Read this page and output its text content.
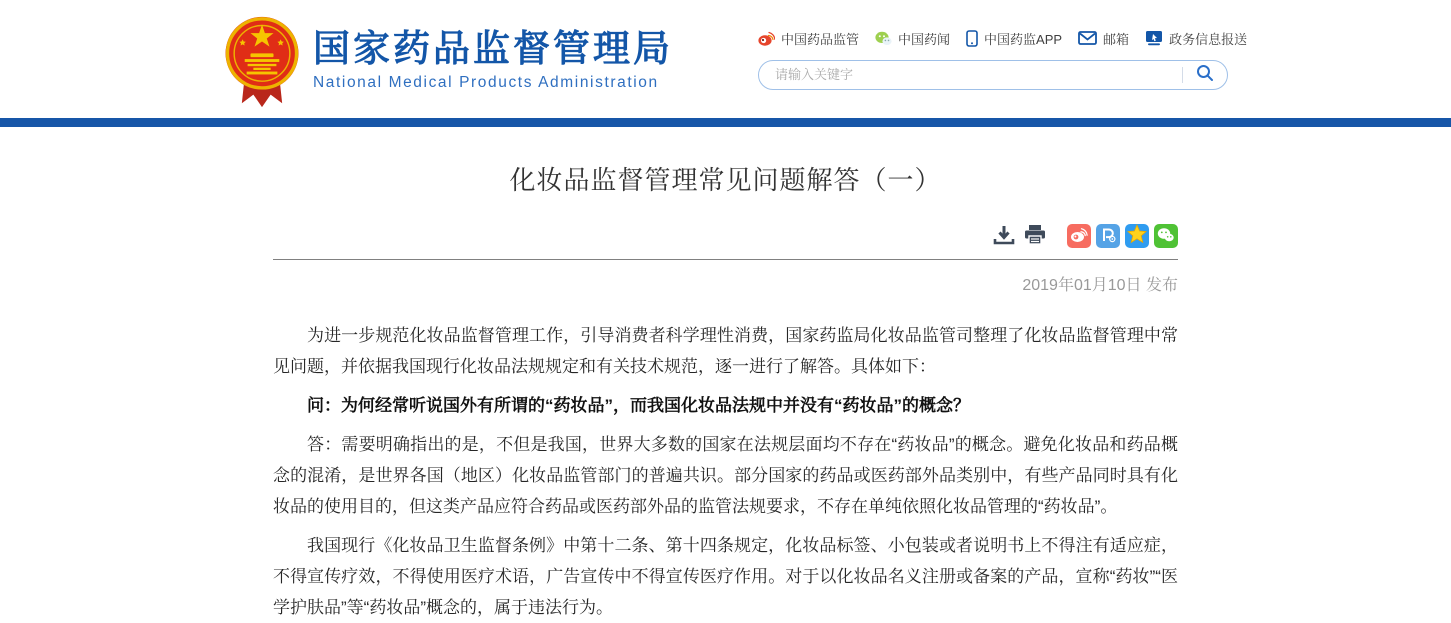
国家药品监督管理局
National Medical Products Administration
中国药品监管	中国药闻	中国药监APP	邮箱	政务信息报送
请输入关键字
化妆品监督管理常见问题解答（一）
2019年01月10日 发布

为进一步规范化妆品监督管理工作，引导消费者科学理性消费，国家药监局化妆品监管司整理了化妆品监督管理中常见问题，并依据我国现行化妆品法规规定和有关技术规范，逐一进行了解答。具体如下：

问：为何经常听说国外有所谓的“药妆品”，而我国化妆品法规中并没有“药妆品”的概念？

答：需要明确指出的是，不但是我国，世界大多数的国家在法规层面均不存在“药妆品”的概念。避免化妆品和药品概念的混淆，是世界各国（地区）化妆品监管部门的普遍共识。部分国家的药品或医药部外品类别中，有些产品同时具有化妆品的使用目的，但这类产品应符合药品或医药部外品的监管法规要求，不存在单纯依照化妆品管理的“药妆品”。

我国现行《化妆品卫生监督条例》中第十二条、第十四条规定，化妆品标签、小包装或者说明书上不得注有适应症，不得宣传疗效，不得使用医疗术语，广告宣传中不得宣传医疗作用。对于以化妆品名义注册或备案的产品，宣称“药妆”“医学护肤品”等“药妆品”概念的，属于违法行为。
